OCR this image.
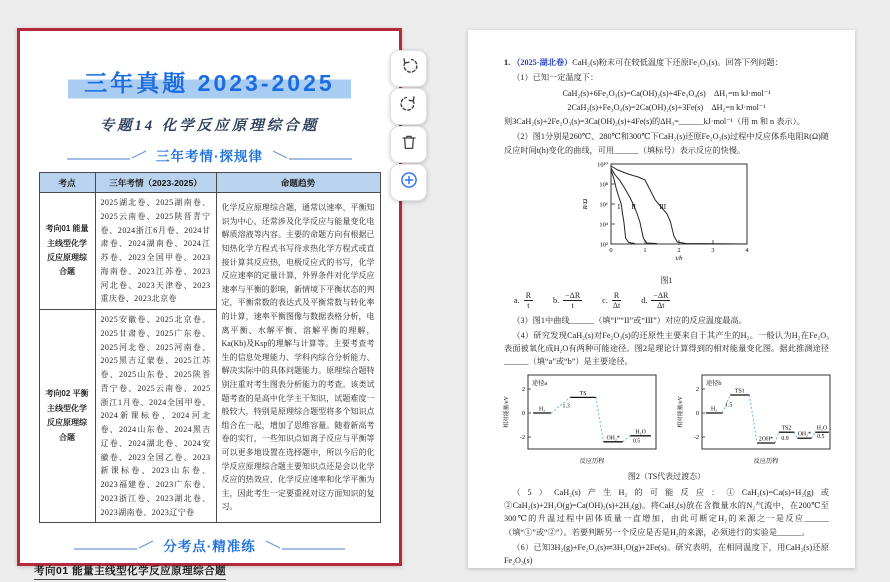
三年真题 2023-2025
专题14 化学反应原理综合题
三年考情·探规律
考点	三年考情（2023-2025）	命题趋势
考向01 能量主线型化学反应原理综合题	2025湖北卷、2025湖南卷、2025云南卷、2025陕晋青宁卷、2024浙江6月卷、2024甘肃卷、2024湖南卷、2024江苏卷、2023全国甲卷、2023海南卷、2023江苏卷、2023河北卷、2023天津卷、2023重庆卷、2023北京卷	化学反应原理综合题，通常以速率、平衡知识为中心，还常涉及化学反应与能量变化电解质溶液等内容。主要的命题方向有根据已知热化学方程式书写待求热化学方程式或直接计算其反应热，电极反应式的书写，化学反应速率的定量计算，外界条件对化学反应速率与平衡的影响，新情境下平衡状态的判定，平衡常数的表达式及平衡常数与转化率的计算，速率平衡图像与数据表格分析，电离平衡、水解平衡、溶解平衡的理解，Ka(Kb)及Ksp的理解与计算等。主要考查考生的信息处理能力、学科内综合分析能力、解决实际中的具体问题能力。原理综合题特别注重对考生图表分析能力的考查。该类试题考查的是高中化学主干知识，试题难度一般较大，特别是原理综合题型将多个知识点组合在一起，增加了思维容量。随着新高考卷的实行，一些知识点如离子反应与平衡等可以更多地设置在选择题中，所以今后的化学反应原理综合题主要知识点还是会以化学反应的热效应、化学反应速率和化学平衡为主，因此考生一定要重视对这方面知识的复习。
考向02 平衡主线型化学反应原理综合题	2025安徽卷、2025北京卷、2025甘肃卷、2025广东卷、2025河北卷、2025河南卷、2025黑吉辽蒙卷、2025江苏卷、2025山东卷、2025陕晋青宁卷、2025云南卷、2025浙江1月卷、2024全国甲卷、2024新课标卷、2024河北卷、2024山东卷、2024黑吉辽卷、2024湖北卷、2024安徽卷、2023全国乙卷、2023新课标卷、2023山东卷、2023福建卷、2023广东卷、2023浙江卷、2023湖北卷、2023湖南卷、2023辽宁卷	
分考点·精准练
考向01 能量主线型化学反应原理综合题

1. （2025·湖北卷）CaH₂(s)粉末可在较低温度下还原Fe₂O₃(s)。回答下列问题：

（1）已知一定温度下：

CaH₂(s)+6Fe₂O₃(s)=Ca(OH)₂(s)+4Fe₃O₄(s)　ΔH₁=m kJ·mol⁻¹
2CaH₂(s)+Fe₃O₄(s)=2Ca(OH)₂(s)+3Fe(s)　ΔH₂=n kJ·mol⁻¹

则3CaH₂(s)+2Fe₂O₃(s)=3Ca(OH)₂(s)+4Fe(s)的ΔH₃=______kJ·mol⁻¹（用 m 和 n 表示）。

（2）图1分别是260℃、280℃和300℃下CaH₂(s)还原Fe₂O₃(s)过程中反应体系电阻R(Ω)随反应时间t(h)变化的曲线，可用______（填标号）表示反应的快慢。

10¹⁰
10⁸
10⁶
10⁴
10²
0	1	2	3	4
I II	III
t/h
R/Ω
图1
a. $\frac{R}{t} b$. $\frac{-\Delta R}{t} c$. $\frac{R}{\Delta t} d$. $\frac{-\Delta R}{\Delta t}$

（3）图1中曲线______（填“I”“II”或“III”）对应的反应温度最高。

（4）研究发现CaH₂(s)对Fe₂O₃(s)的还原性主要来自于其产生的H₂。一般认为H₂在Fe₂O₃表面被氧化成H₂O有两种可能途径。图2是理论计算得到的相对能量变化图。据此推测途径______（填“a”或“b”）是主要途径。

2
0
-2
H₂
TS
OH₂*
H₂O
1.3
0.5
反应历程
相对能量/eV
途径a
2
0
-2
H₂
TS1
2OH*
TS2
OH₂*
H₂O
1.5
0.9	0.5
反应历程
相对能量/eV
途径b
图2（TS代表过渡态）

（5）CaH₂(s)产生H₂的可能反应：①CaH₂(s)=Ca(s)+H₂(g)或②CaH₂(s)+2H₂O(g)=Ca(OH)₂(s)+2H₂(g)。将CaH₂(s)放在含微量水的N₂气流中，在200℃至300℃的升温过程中固体质量一直增加，由此可断定H₂的来源之一是反应______（填“①”或“②”）。若要判断另一个反应是否是H₂的来源，必须进行的实验是______。

（6）已知3H₂(g)+Fe₂O₃(s)⇌3H₂O(g)+2Fe(s)。研究表明，在相同温度下，用CaH₂(s)还原Fe₂O₃(s)
